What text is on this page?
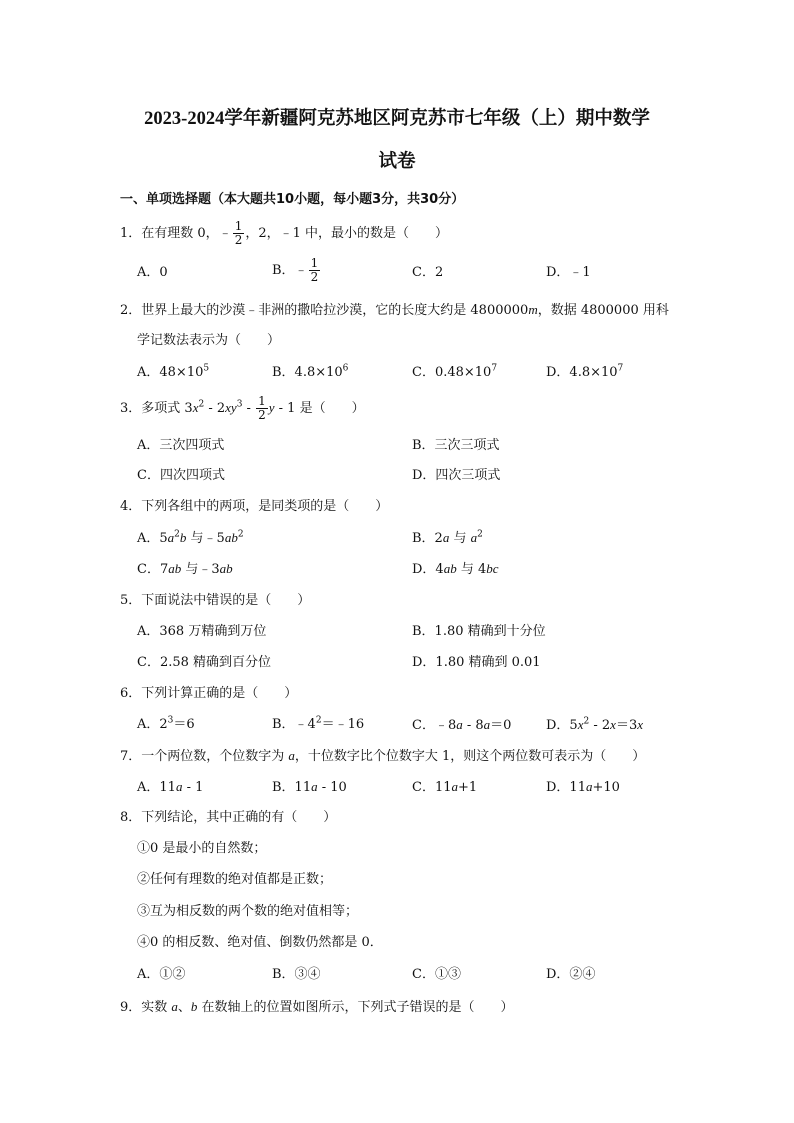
2023-2024学年新疆阿克苏地区阿克苏市七年级（上）期中数学
试卷
一、单项选择题（本大题共10小题，每小题3分，共30分）
1．在有理数 0，﹣ $\frac{1}{2}$ ，2，﹣1 中，最小的数是（　　）
A．0	B．﹣ $\frac{1}{2}$	C．2	D．﹣1
2．世界上最大的沙漠﹣非洲的撒哈拉沙漠，它的长度大约是 4800000m，数据 4800000 用科
学记数法表示为（　　）
A．$48\times 10^5$	B．$4.8\times 10^6$	C．$0.48\times 10^7$	D．$4.8\times 10^7$
3．多项式 $3x^2 - 2xy^3 - \frac{1}{2}$ y - 1 是（　　）
A．三次四项式	B．三次三项式
C．四次四项式	D．四次三项式
4．下列各组中的两项，是同类项的是（　　）
A．$5a^2b$ 与$﹣5ab^2$	B．2a 与 $a^2$
C．7ab 与﹣3ab	D．4ab 与 4bc
5．下面说法中错误的是（　　）
A．368 万精确到万位	B．1.80 精确到十分位
C．2.58 精确到百分位	D．1.80 精确到 0.01
6．下列计算正确的是（　　）
A．$2^3=6$	B．$﹣4^2=﹣16$	C．﹣8a - 8a＝0	D．$5x^2 - 2x=3x$
7．一个两位数，个位数字为 a，十位数字比个位数字大 1，则这个两位数可表示为（　　）
A．11a - 1	B．11a - 10	C．11a+1	D．11a+10
8．下列结论，其中正确的有（　　）
①0 是最小的自然数；
②任何有理数的绝对值都是正数；
③互为相反数的两个数的绝对值相等；
④0 的相反数、绝对值、倒数仍然都是 0．
A．①②	B．③④	C．①③	D．②④
9．实数 a、b 在数轴上的位置如图所示，下列式子错误的是（　　）
